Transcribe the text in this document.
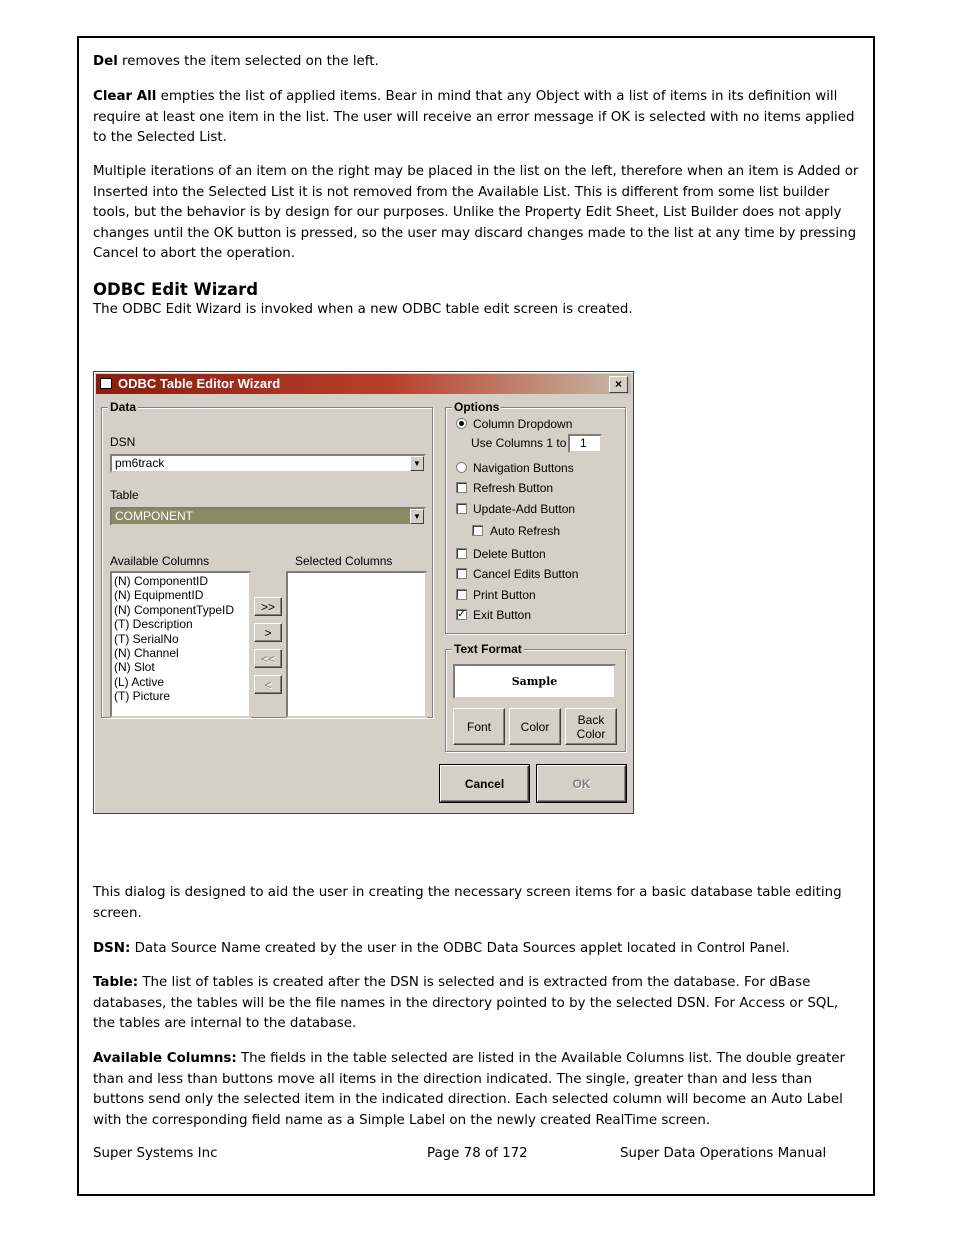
Del removes the item selected on the left.

Clear All empties the list of applied items. Bear in mind that any Object with a list of items in its definition will require at least one item in the list. The user will receive an error message if OK is selected with no items applied to the Selected List.

Multiple iterations of an item on the right may be placed in the list on the left, therefore when an item is Added or Inserted into the Selected List it is not removed from the Available List. This is different from some list builder tools, but the behavior is by design for our purposes. Unlike the Property Edit Sheet, List Builder does not apply changes until the OK button is pressed, so the user may discard changes made to the list at any time by pressing Cancel to abort the operation.

ODBC Edit Wizard

The ODBC Edit Wizard is invoked when a new ODBC table edit screen is created.

ODBC Table Editor Wizard	×
Data
DSN
pm6track	▼
Table
COMPONENT	▼
Available Columns	Selected Columns
(N) ComponentID
(N) EquipmentID
(N) ComponentTypeID
(T) Description
(T) SerialNo
(N) Channel
(N) Slot
(L) Active
(T) Picture
>>
>
<<
<
Options
Column Dropdown
Use Columns 1 to	1
Navigation Buttons
Refresh Button
Update-Add Button
Auto Refresh
Delete Button
Cancel Edits Button
Print Button
✓ Exit Button
Text Format
Sample
Font	Color	Back Color
Cancel	OK

This dialog is designed to aid the user in creating the necessary screen items for a basic database table editing screen.

DSN: Data Source Name created by the user in the ODBC Data Sources applet located in Control Panel.

Table: The list of tables is created after the DSN is selected and is extracted from the database. For dBase databases, the tables will be the file names in the directory pointed to by the selected DSN. For Access or SQL, the tables are internal to the database.

Available Columns: The fields in the table selected are listed in the Available Columns list. The double greater than and less than buttons move all items in the direction indicated. The single, greater than and less than buttons send only the selected item in the indicated direction. Each selected column will become an Auto Label with the corresponding field name as a Simple Label on the newly created RealTime screen.

Super Systems Inc	Page 78 of 172	Super Data Operations Manual
